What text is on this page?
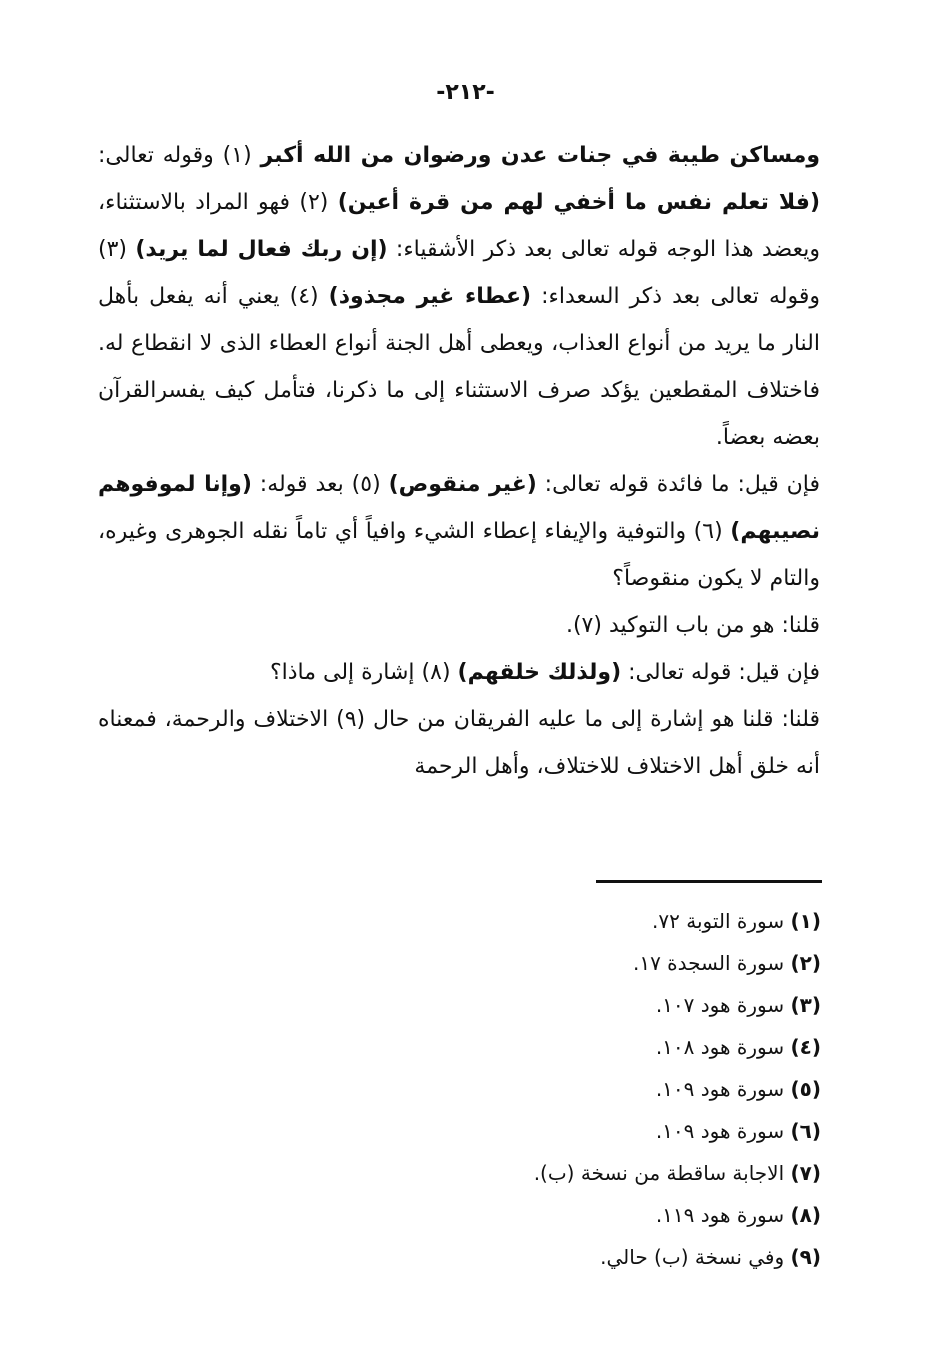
-٢١٢-

ومساكن طيبة في جنات عدن ورضوان من الله أكبر (١) وقوله تعالى: (فلا تعلم نفس ما أخفي لهم من قرة أعين) (٢) فهو المراد بالاستثناء، ويعضد هذا الوجه قوله تعالى بعد ذكر الأشقياء: (إن ربك فعال لما يريد) (٣) وقوله تعالى بعد ذكر السعداء: (عطاء غير مجذوذ) (٤) يعني أنه يفعل بأهل النار ما يريد من أنواع العذاب، ويعطى أهل الجنة أنواع العطاء الذى لا انقطاع له. فاختلاف المقطعين يؤكد صرف الاستثناء إلى ما ذكرنا، فتأمل كيف يفسرالقرآن بعضه بعضاً.

فإن قيل: ما فائدة قوله تعالى: (غير منقوص) (٥) بعد قوله: (وإنا لموفوهم نصيبهم) (٦) والتوفية والإيفاء إعطاء الشيء وافياً أي تاماً نقله الجوهرى وغيره، والتام لا يكون منقوصاً؟

قلنا: هو من باب التوكيد (٧).

فإن قيل: قوله تعالى: (ولذلك خلقهم) (٨) إشارة إلى ماذا؟

قلنا: قلنا هو إشارة إلى ما عليه الفريقان من حال (٩) الاختلاف والرحمة، فمعناه أنه خلق أهل الاختلاف للاختلاف، وأهل الرحمة

(١) سورة التوبة ٧٢.
(٢) سورة السجدة ١٧.
(٣) سورة هود ١٠٧.
(٤) سورة هود ١٠٨.
(٥) سورة هود ١٠٩.
(٦) سورة هود ١٠٩.
(٧) الاجابة ساقطة من نسخة (ب).
(٨) سورة هود ١١٩.
(٩) وفي نسخة (ب) حالي.
